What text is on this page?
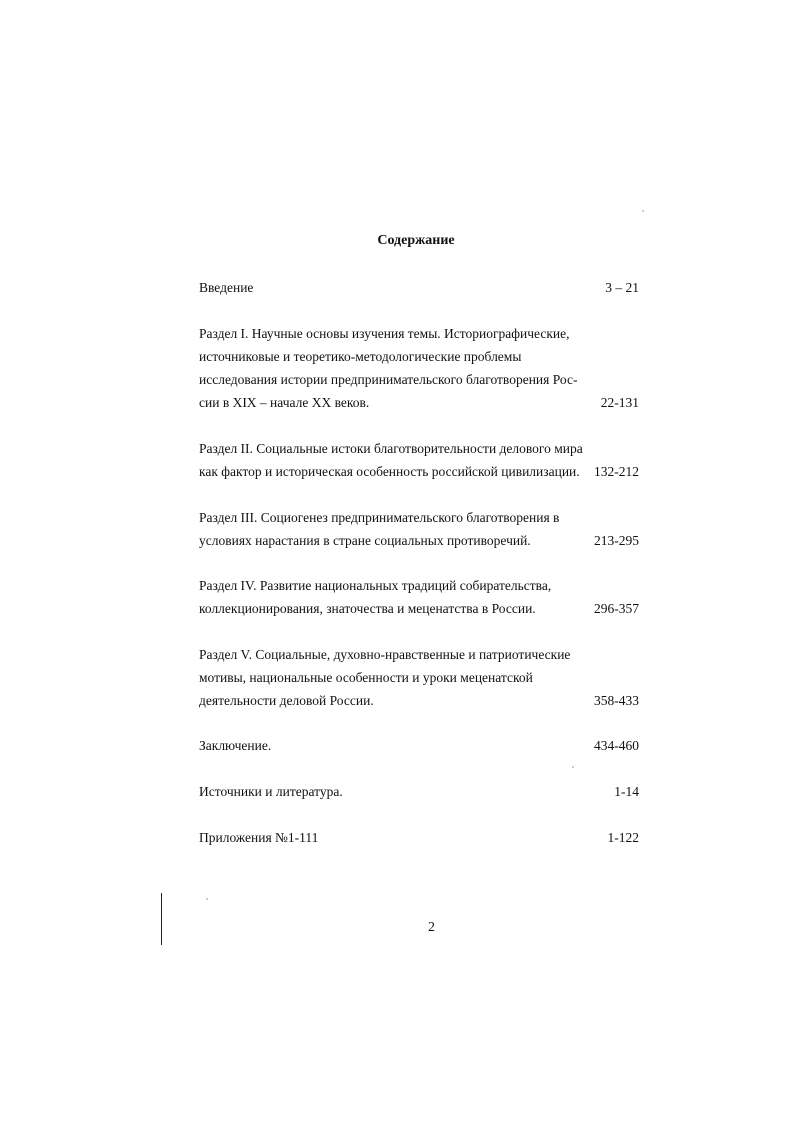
Содержание
Введение	3 – 21
Раздел I. Научные основы изучения темы. Историографические,
источниковые и теоретико-методологические проблемы
исследования истории предпринимательского благотворения Рос-
сии в XIX – начале XX веков.	22-131
Раздел II. Социальные истоки благотворительности делового мира
как фактор и историческая особенность российской цивилизации. 132-212
Раздел III. Социогенез предпринимательского благотворения в
условиях нарастания в стране социальных противоречий.	213-295
Раздел IV. Развитие национальных традиций собирательства,
коллекционирования, знаточества и меценатства в России.	296-357
Раздел V. Социальные, духовно-нравственные и патриотические
мотивы, национальные особенности и уроки меценатской
деятельности деловой России.	358-433
Заключение.	434-460
Источники и литература.	1-14
Приложения №1-111	1-122
2
